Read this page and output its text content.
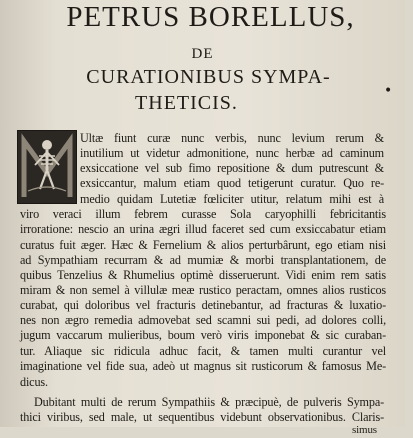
PETRUS BORELLUS,
DE
CURATIONIBUS SYMPA-
THETICIS.
•
Ultæ fiunt curæ nunc verbis, nunc levium rerum &
inutilium ut videtur admonitione, nunc herbæ ad caminum
exsiccatione vel sub fimo repositione & dum putrescunt &
exsiccantur, malum etiam quod tetigerunt curatur. Quo re-
medio quidam Lutetiæ fœliciter utitur, relatum mihi est à
viro veraci illum febrem curasse Sola caryophilli febricitantis
irroratione: nescio an urina ægri illud faceret sed cum exsiccabatur etiam
curatus fuit æger. Hæc & Fernelium & alios perturbârunt, ego etiam nisi
ad Sympathiam recurram & ad mumiæ & morbi transplantationem, de
quibus Tenzelius & Rhumelius optimè disseruerunt. Vidi enim rem satis
miram & non semel à villulæ meæ rustico peractam, omnes alios rusticos
curabat, qui doloribus vel fracturis detinebantur, ad fracturas & luxatio-
nes non ægro remedia admovebat sed scamni sui pedi, ad dolores colli,
jugum vaccarum mulieribus, boum verò viris imponebat & sic curaban-
tur. Aliaque sic ridicula adhuc facit, & tamen multi curantur vel
imaginatione vel fide sua, adeò ut magnus sit rusticorum & famosus Me-
dicus.
Dubitant multi de rerum Sympathiis & præcipuè, de pulveris Sympa-
thici viribus, sed male, ut sequentibus videbunt observationibus. Claris-
simus
